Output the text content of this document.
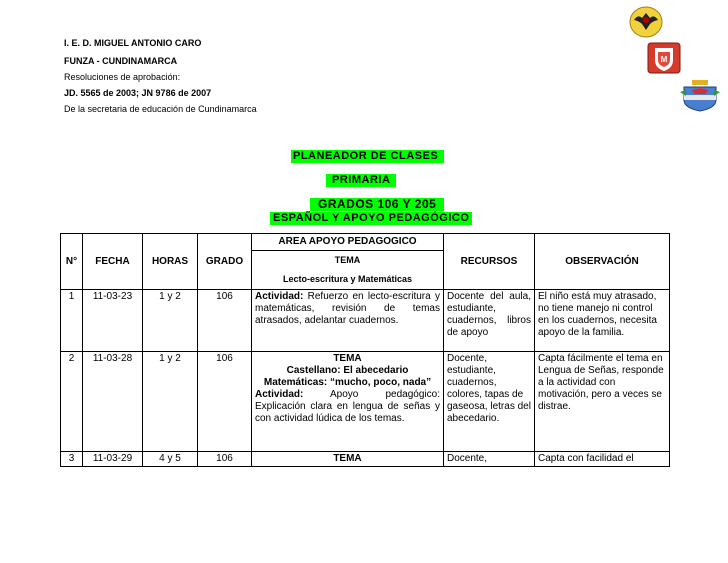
I. E. D. MIGUEL ANTONIO CARO
FUNZA - CUNDINAMARCA
Resoluciones de aprobación:
JD. 5565 de 2003; JN 9786 de 2007
De la secretaria de educación de Cundinamarca
M
PLANEADOR DE CLASES
PRIMARIA
GRADOS 106 Y 205
ESPAÑOL Y APOYO PEDAGÓGICO
N°	FECHA	HORAS	GRADO	AREA APOYO PEDAGOGICO	RECURSOS	OBSERVACIÓN
				TEMA		
				Lecto-escritura y Matemáticas		
1	11-03-23	1 y 2	106	Actividad: Refuerzo en lecto-escritura y matemáticas, revisión de temas atrasados, adelantar cuadernos.	Docente del aula, estudiante, cuadernos, libros de apoyo	El niño está muy atrasado, no tiene manejo ni control en los cuadernos, necesita apoyo de la familia.
2	11-03-28	1 y 2	106	TEMA
Castellano: El abecedario
Matemáticas: “mucho, poco, nada”
Actividad: Apoyo pedagógico: Explicación clara en lengua de señas y con actividad lúdica de los temas.	Docente, estudiante, cuadernos, colores, tapas de gaseosa, letras del abecedario.	Capta fácilmente el tema en Lengua de Señas, responde a la actividad con motivación, pero a veces se distrae.
3	11-03-29	4 y 5	106	TEMA	Docente,	Capta con facilidad el
